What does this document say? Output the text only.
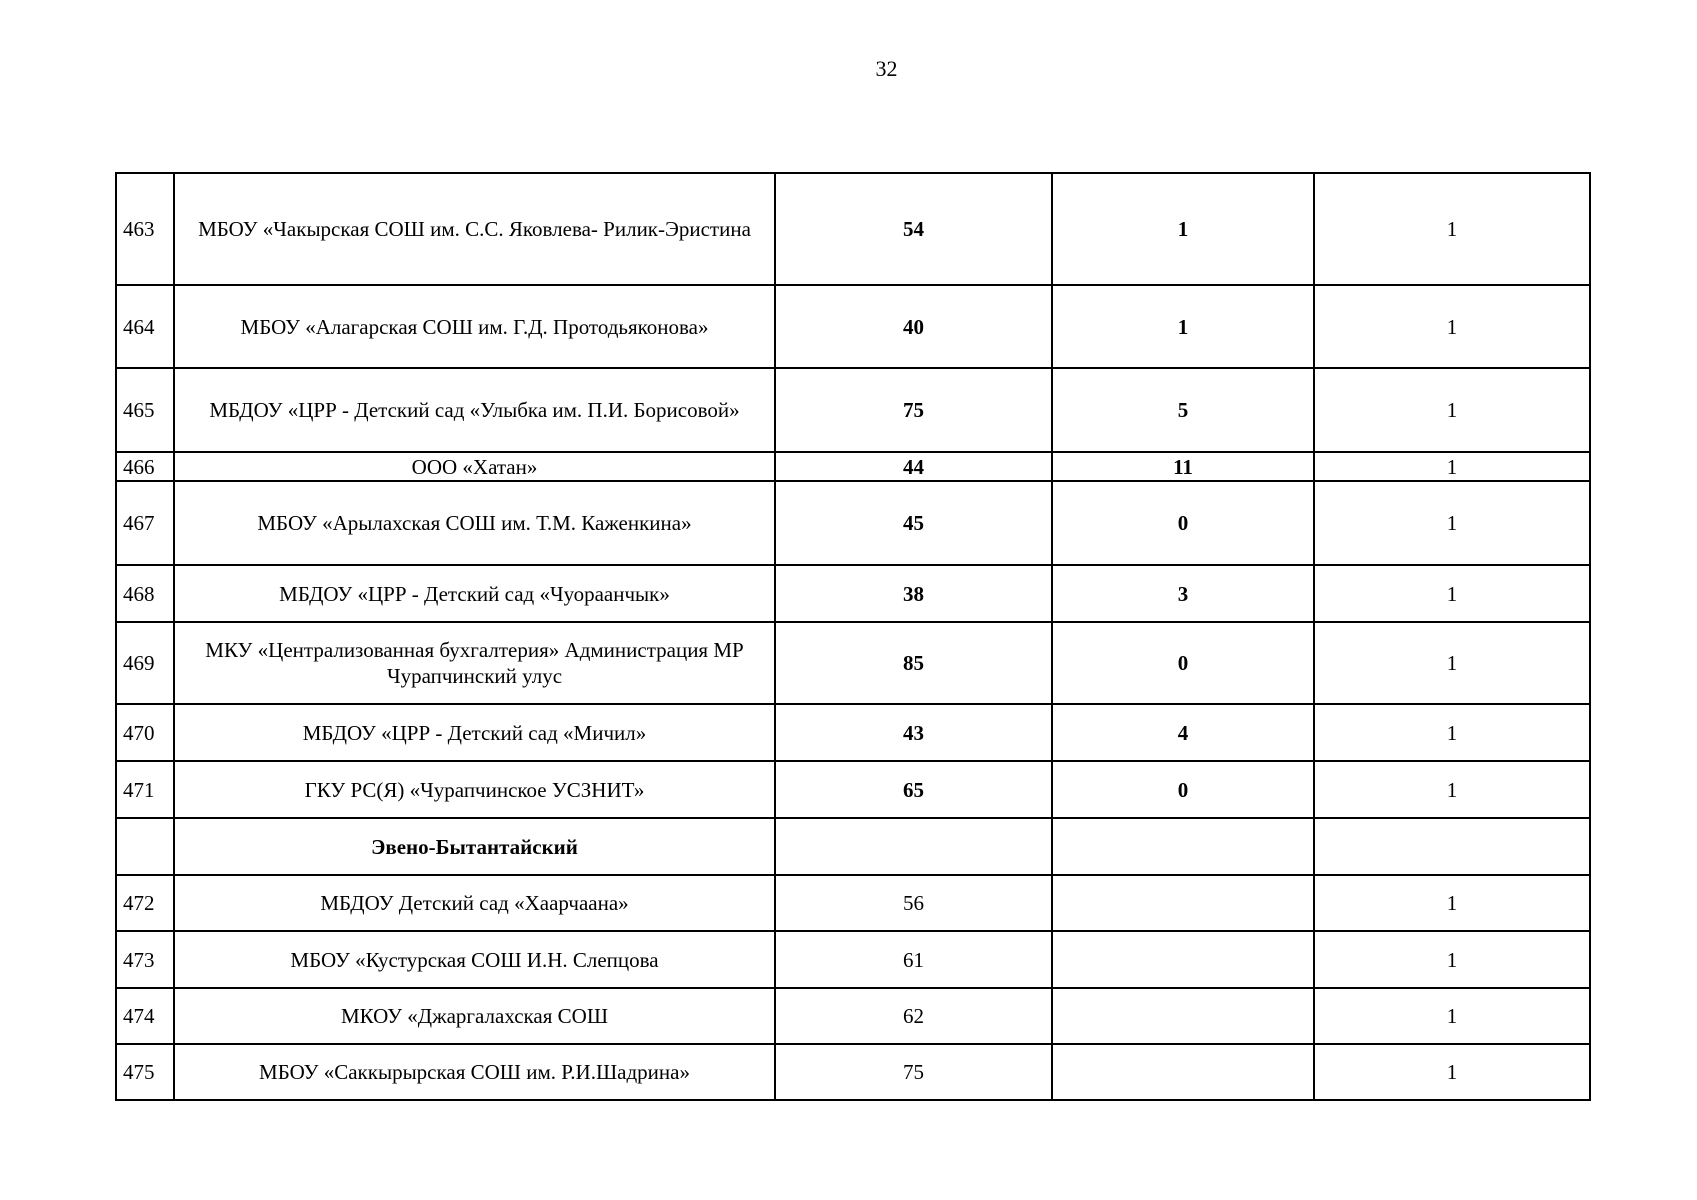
32
463	МБОУ «Чакырская СОШ им. С.С. Яковлева- Рилик-Эристина	54	1	1
464	МБОУ «Алагарская СОШ им. Г.Д. Протодьяконова»	40	1	1
465	МБДОУ «ЦРР - Детский сад «Улыбка им. П.И. Борисовой»	75	5	1
466	ООО «Хатан»	44	11	1
467	МБОУ «Арылахская СОШ им. Т.М. Каженкина»	45	0	1
468	МБДОУ «ЦРР - Детский сад «Чуораанчык»	38	3	1
469	МКУ «Централизованная бухгалтерия» Администрация МР Чурапчинский улус	85	0	1
470	МБДОУ «ЦРР - Детский сад «Мичил»	43	4	1
471	ГКУ РС(Я) «Чурапчинское УСЗНИТ»	65	0	1
	Эвено-Бытантайский			
472	МБДОУ Детский сад «Хаарчаана»	56		1
473	МБОУ «Кустурская СОШ И.Н. Слепцова	61		1
474	МКОУ «Джаргалахская СОШ	62		1
475	МБОУ «Саккырырская СОШ им. Р.И.Шадрина»	75		1
